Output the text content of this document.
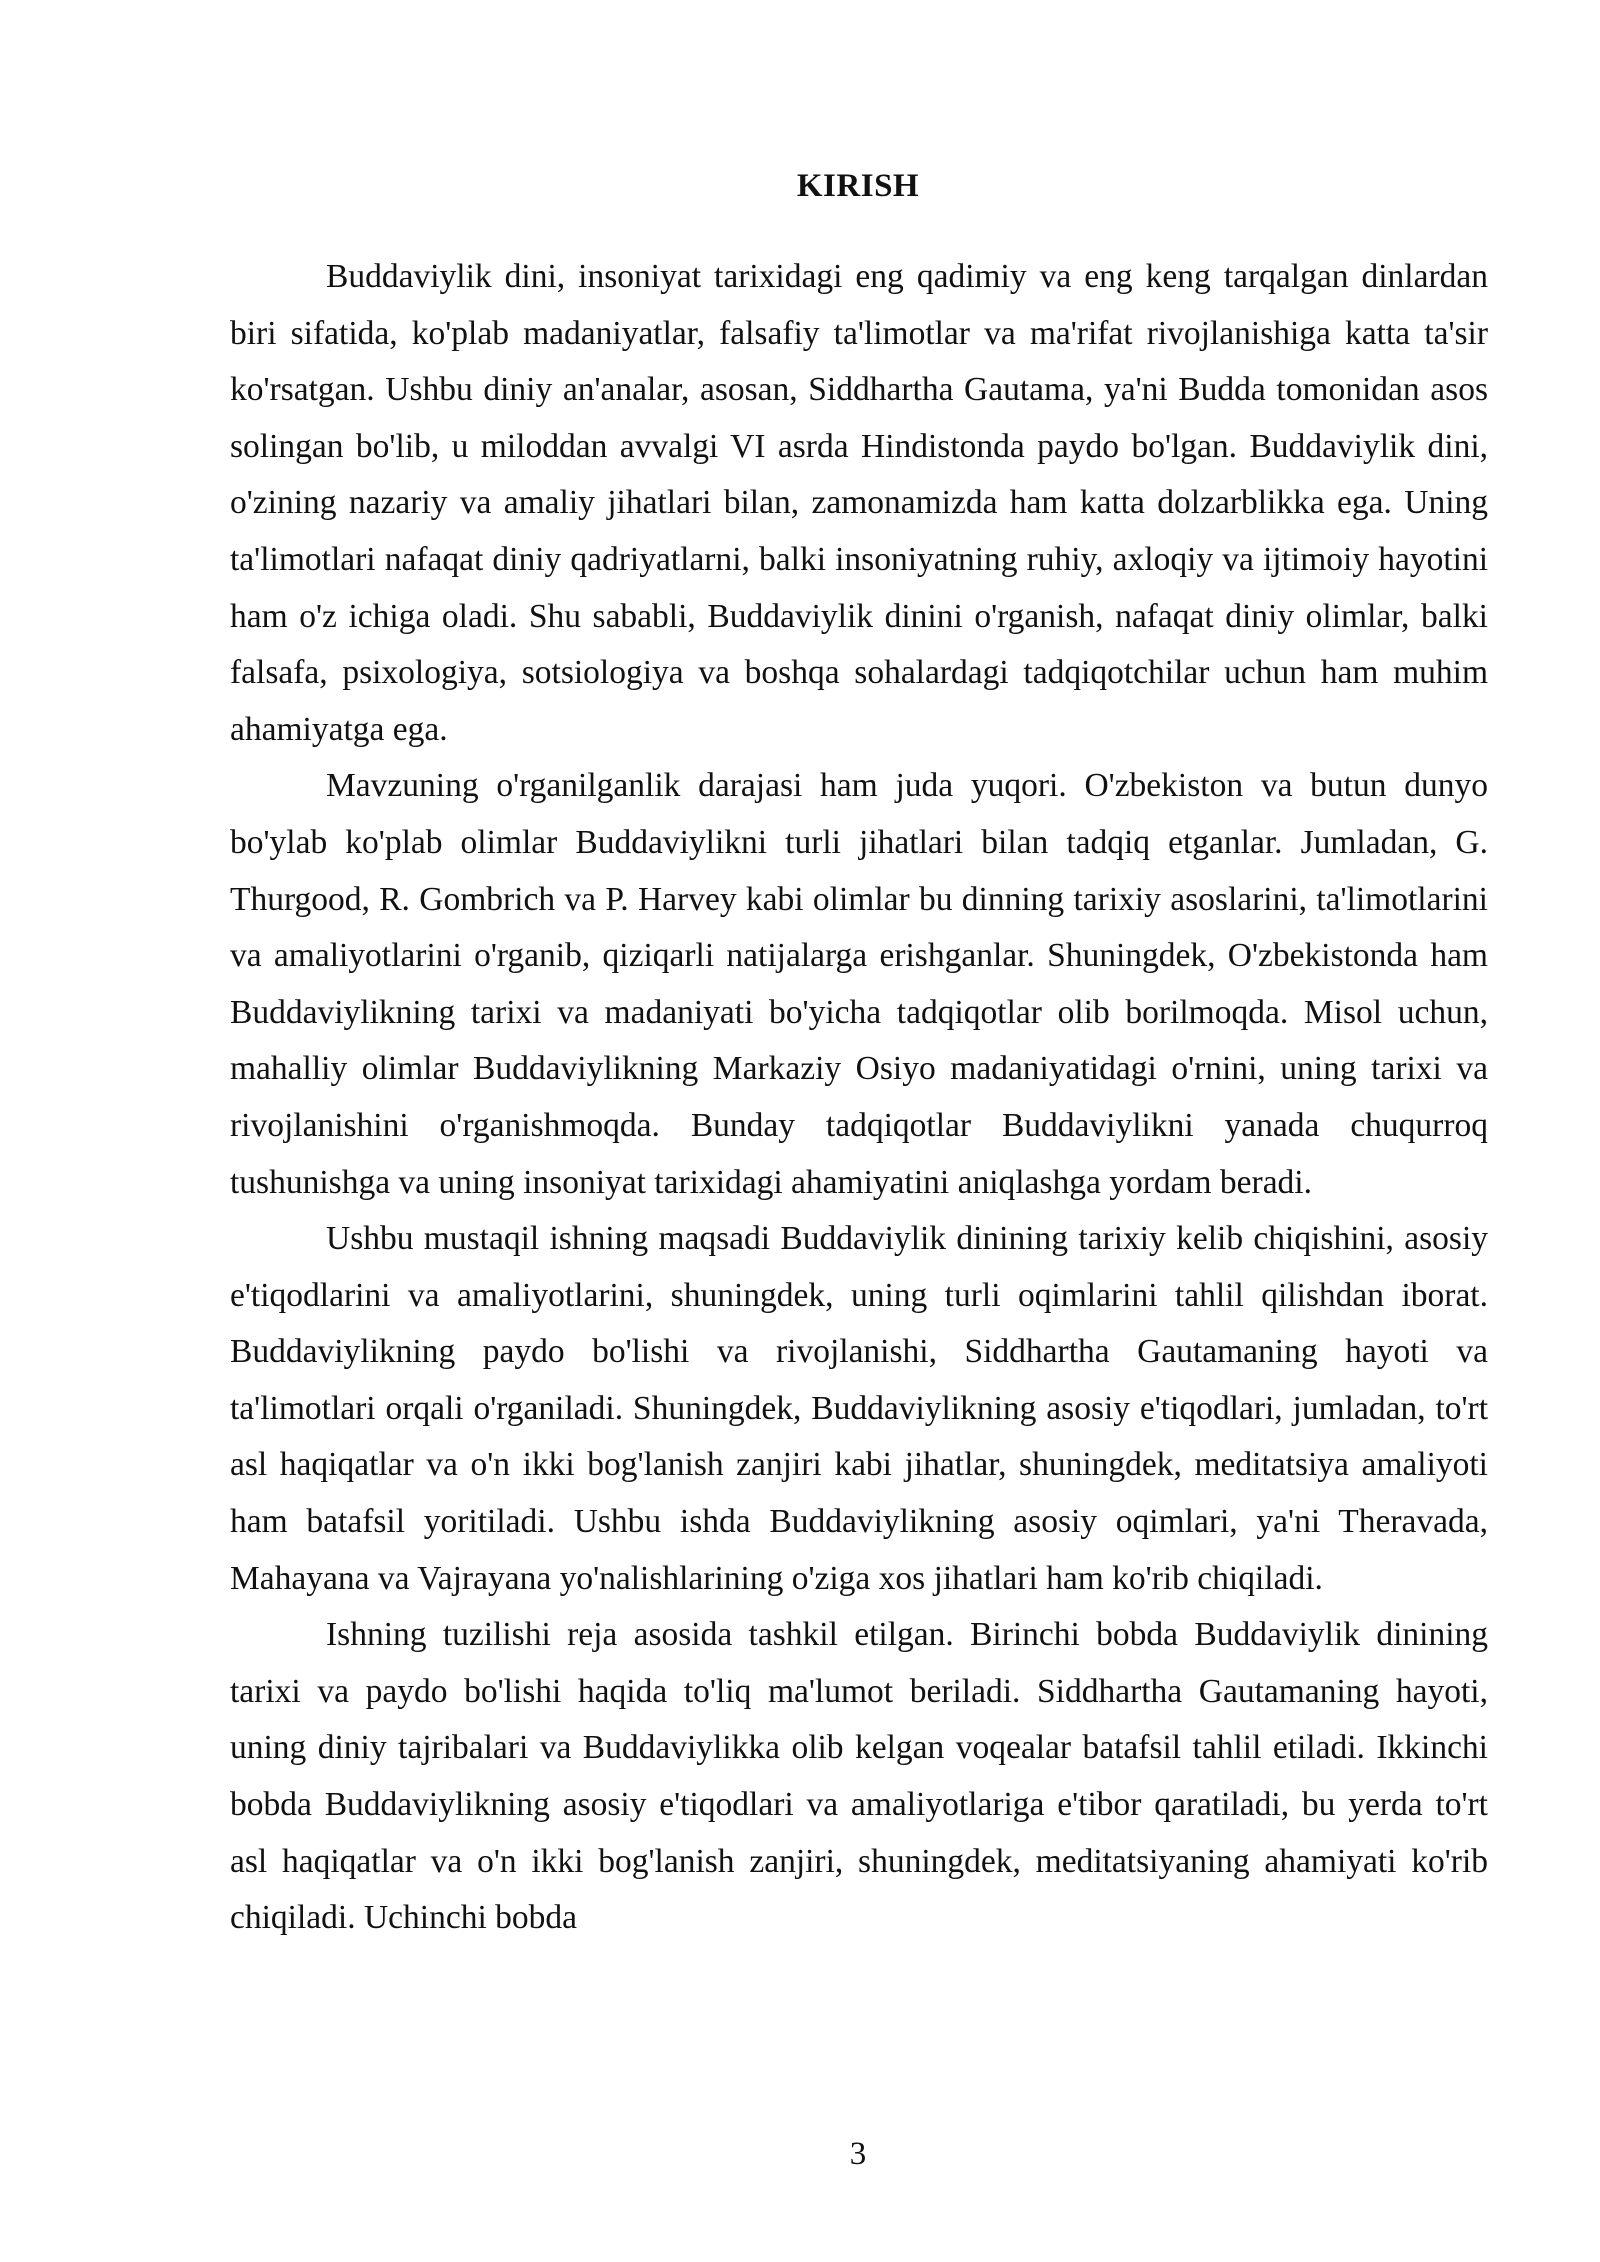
KIRISH

Buddaviylik dini, insoniyat tarixidagi eng qadimiy va eng keng tarqalgan dinlardan biri sifatida, ko'plab madaniyatlar, falsafiy ta'limotlar va ma'rifat rivojlanishiga katta ta'sir ko'rsatgan. Ushbu diniy an'analar, asosan, Siddhartha Gautama, ya'ni Budda tomonidan asos solingan bo'lib, u miloddan avvalgi VI asrda Hindistonda paydo bo'lgan. Buddaviylik dini, o'zining nazariy va amaliy jihatlari bilan, zamonamizda ham katta dolzarblikka ega. Uning ta'limotlari nafaqat diniy qadriyatlarni, balki insoniyatning ruhiy, axloqiy va ijtimoiy hayotini ham o'z ichiga oladi. Shu sababli, Buddaviylik dinini o'rganish, nafaqat diniy olimlar, balki falsafa, psixologiya, sotsiologiya va boshqa sohalardagi tadqiqotchilar uchun ham muhim ahamiyatga ega.

Mavzuning o'rganilganlik darajasi ham juda yuqori. O'zbekiston va butun dunyo bo'ylab ko'plab olimlar Buddaviylikni turli jihatlari bilan tadqiq etganlar. Jumladan, G. Thurgood, R. Gombrich va P. Harvey kabi olimlar bu dinning tarixiy asoslarini, ta'limotlarini va amaliyotlarini o'rganib, qiziqarli natijalarga erishganlar. Shuningdek, O'zbekistonda ham Buddaviylikning tarixi va madaniyati bo'yicha tadqiqotlar olib borilmoqda. Misol uchun, mahalliy olimlar Buddaviylikning Markaziy Osiyo madaniyatidagi o'rnini, uning tarixi va rivojlanishini o'rganishmoqda. Bunday tadqiqotlar Buddaviylikni yanada chuqurroq tushunishga va uning insoniyat tarixidagi ahamiyatini aniqlashga yordam beradi.

Ushbu mustaqil ishning maqsadi Buddaviylik dinining tarixiy kelib chiqishini, asosiy e'tiqodlarini va amaliyotlarini, shuningdek, uning turli oqimlarini tahlil qilishdan iborat. Buddaviylikning paydo bo'lishi va rivojlanishi, Siddhartha Gautamaning hayoti va ta'limotlari orqali o'rganiladi. Shuningdek, Buddaviylikning asosiy e'tiqodlari, jumladan, to'rt asl haqiqatlar va o'n ikki bog'lanish zanjiri kabi jihatlar, shuningdek, meditatsiya amaliyoti ham batafsil yoritiladi. Ushbu ishda Buddaviylikning asosiy oqimlari, ya'ni Theravada, Mahayana va Vajrayana yo'nalishlarining o'ziga xos jihatlari ham ko'rib chiqiladi.

Ishning tuzilishi reja asosida tashkil etilgan. Birinchi bobda Buddaviylik dinining tarixi va paydo bo'lishi haqida to'liq ma'lumot beriladi. Siddhartha Gautamaning hayoti, uning diniy tajribalari va Buddaviylikka olib kelgan voqealar batafsil tahlil etiladi. Ikkinchi bobda Buddaviylikning asosiy e'tiqodlari va amaliyotlariga e'tibor qaratiladi, bu yerda to'rt asl haqiqatlar va o'n ikki bog'lanish zanjiri, shuningdek, meditatsiyaning ahamiyati ko'rib chiqiladi. Uchinchi bobda

3
